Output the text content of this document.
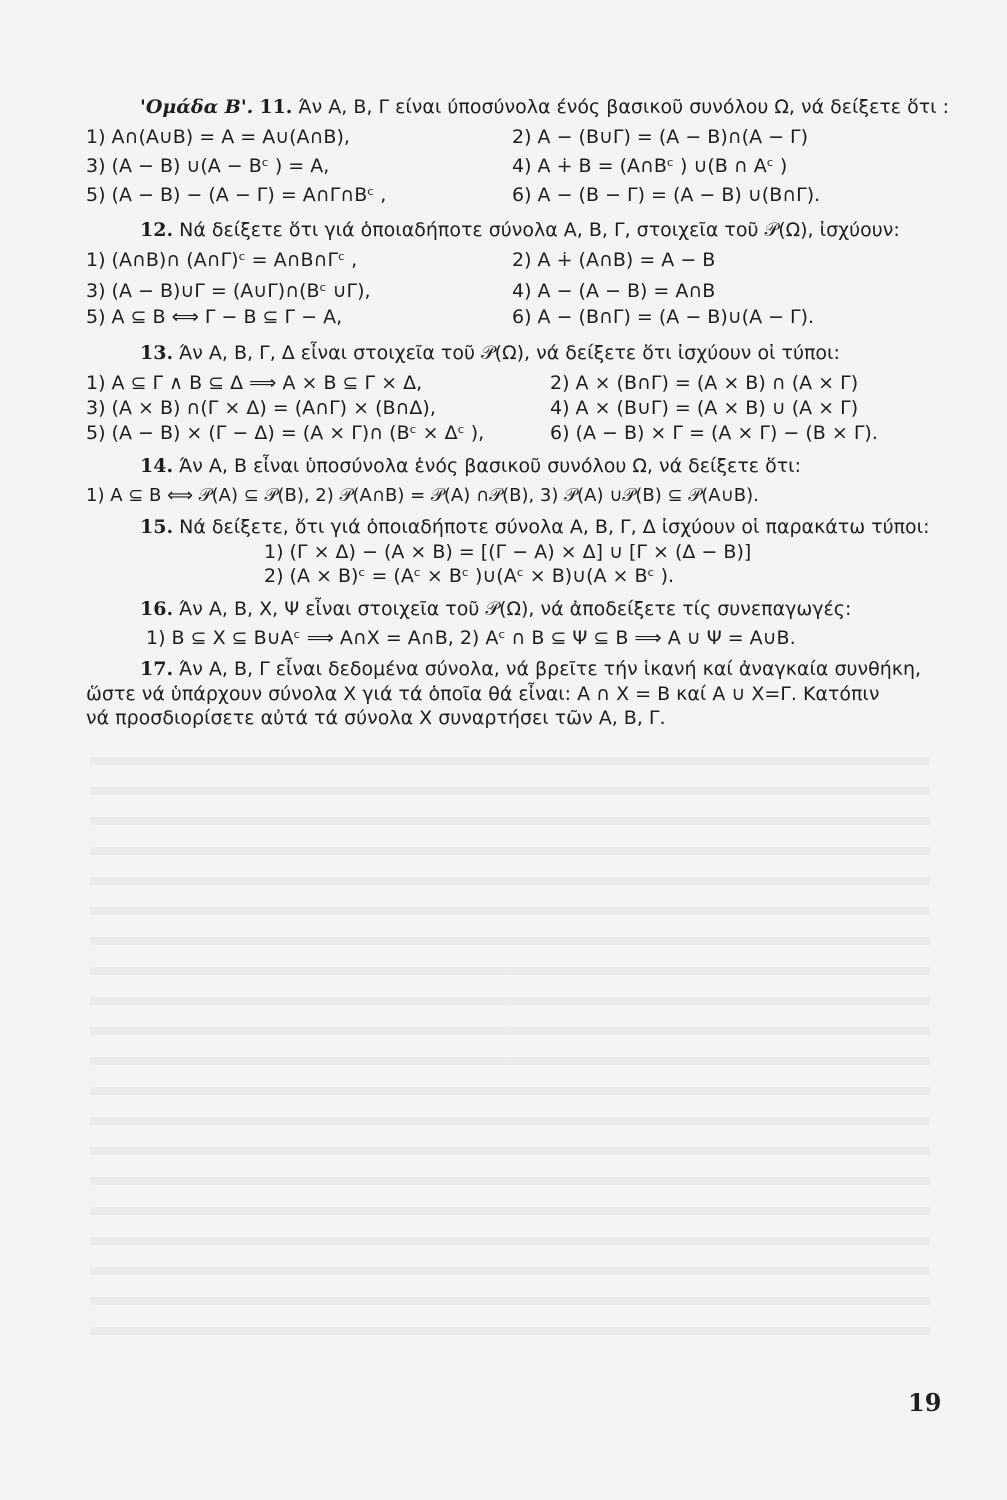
'Ομάδα Β'. 11. Άν Α, Β, Γ είναι ύποσύνολα ένός βασικοῦ συνόλου Ω, νά δείξετε ὅτι :
1) Α∩(Α∪Β) = Α = Α∪(Α∩Β),	2) Α − (Β∪Γ) = (Α − Β)∩(Α − Γ)
3) (Α − Β) ∪(Α − Βᶜ ) = Α,	4) Α ∔ Β = (Α∩Βᶜ ) ∪(Β ∩ Αᶜ )
5) (Α − Β) − (Α − Γ) = Α∩Γ∩Βᶜ ,	6) Α − (Β − Γ) = (Α − Β) ∪(Β∩Γ).
12. Νά δείξετε ὅτι γιά ὁποιαδήποτε σύνολα Α, Β, Γ, στοιχεῖα τοῦ 𝒫(Ω), ἰσχύουν:
1) (Α∩Β)∩ (Α∩Γ)ᶜ = Α∩Β∩Γᶜ ,	2) Α ∔ (Α∩Β) = Α − Β
3) (Α − Β)∪Γ = (Α∪Γ)∩(Βᶜ ∪Γ),	4) Α − (Α − Β) = Α∩Β
5) Α ⊆ Β ⟺ Γ − Β ⊆ Γ − Α,	6) Α − (Β∩Γ) = (Α − Β)∪(Α − Γ).
13. Άν Α, Β, Γ, Δ εἶναι στοιχεῖα τοῦ 𝒫(Ω), νά δείξετε ὅτι ἰσχύουν οἱ τύποι:
1) Α ⊆ Γ ∧ Β ⊆ Δ ⟹ Α × Β ⊆ Γ × Δ,	2) Α × (Β∩Γ) = (Α × Β) ∩ (Α × Γ)
3) (Α × Β) ∩(Γ × Δ) = (Α∩Γ) × (Β∩Δ),	4) Α × (Β∪Γ) = (Α × Β) ∪ (Α × Γ)
5) (Α − Β) × (Γ − Δ) = (Α × Γ)∩ (Βᶜ × Δᶜ ),	6) (Α − Β) × Γ = (Α × Γ) − (Β × Γ).
14. Άν Α, Β εἶναι ὑποσύνολα ἑνός βασικοῦ συνόλου Ω, νά δείξετε ὅτι:
1) Α ⊆ Β ⟺ 𝒫(Α) ⊆ 𝒫(Β), 2) 𝒫(Α∩Β) = 𝒫(Α) ∩𝒫(Β), 3) 𝒫(Α) ∪𝒫(Β) ⊆ 𝒫(Α∪Β).
15. Νά δείξετε, ὅτι γιά ὁποιαδήποτε σύνολα Α, Β, Γ, Δ ἰσχύουν οἱ παρακάτω τύποι:
1) (Γ × Δ) − (Α × Β) = [(Γ − Α) × Δ] ∪ [Γ × (Δ − Β)]
2) (Α × Β)ᶜ = (Αᶜ × Βᶜ )∪(Αᶜ × Β)∪(Α × Βᶜ ).
16. Άν Α, Β, Χ, Ψ εἶναι στοιχεῖα τοῦ 𝒫(Ω), νά ἀποδείξετε τίς συνεπαγωγές:
1) Β ⊆ Χ ⊆ Β∪Αᶜ ⟹ Α∩Χ = Α∩Β, 2) Αᶜ ∩ Β ⊆ Ψ ⊆ Β ⟹ Α ∪ Ψ = Α∪Β.
17. Άν Α, Β, Γ εἶναι δεδομένα σύνολα, νά βρεῖτε τήν ἱκανή καί ἀναγκαία συνθήκη,
ὥστε νά ὑπάρχουν σύνολα Χ γιά τά ὁποῖα θά εἶναι: Α ∩ Χ = Β καί Α ∪ Χ=Γ. Κατόπιν
νά προσδιορίσετε αὐτά τά σύνολα Χ συναρτήσει τῶν Α, Β, Γ.
19
